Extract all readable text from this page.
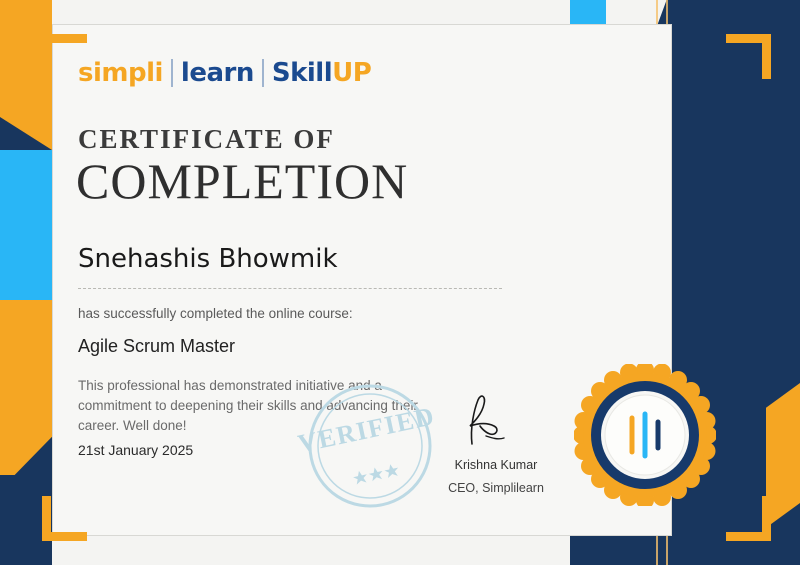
simpli learn SkillUP
CERTIFICATE OF
COMPLETION
Snehashis Bhowmik
has successfully completed the online course:
Agile Scrum Master
This professional has demonstrated initiative and a commitment to deepening their skills and advancing their career. Well done!
21st January 2025	VERIFIED
Krishna Kumar
CEO, Simplilearn
